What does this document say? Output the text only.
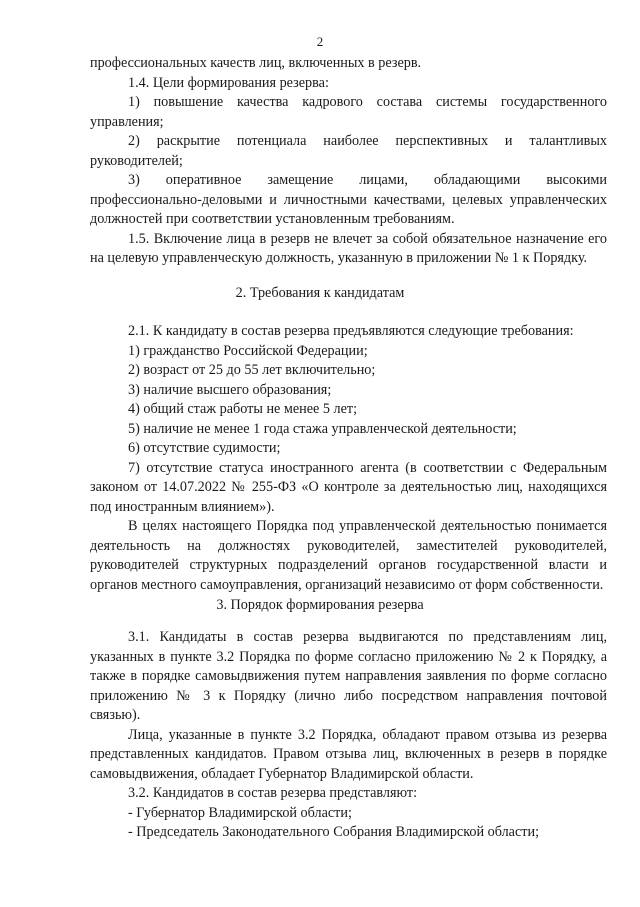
2

профессиональных качеств лиц, включенных в резерв.

1.4. Цели формирования резерва:

1) повышение качества кадрового состава системы государственного управления;

2) раскрытие потенциала наиболее перспективных и талантливых руководителей;

3) оперативное замещение лицами, обладающими высокими профессионально-деловыми и личностными качествами, целевых управленческих должностей при соответствии установленным требованиям.

1.5. Включение лица в резерв не влечет за собой обязательное назначение его на целевую управленческую должность, указанную в приложении № 1 к Порядку.

2. Требования к кандидатам

2.1. К кандидату в состав резерва предъявляются следующие требования:

1) гражданство Российской Федерации;

2) возраст от 25 до 55 лет включительно;

3) наличие высшего образования;

4) общий стаж работы не менее 5 лет;

5) наличие не менее 1 года стажа управленческой деятельности;

6) отсутствие судимости;

7) отсутствие статуса иностранного агента (в соответствии с Федеральным законом от 14.07.2022 № 255-ФЗ «О контроле за деятельностью лиц, находящихся под иностранным влиянием»).

В целях настоящего Порядка под управленческой деятельностью понимается деятельность на должностях руководителей, заместителей руководителей, руководителей структурных подразделений органов государственной власти и органов местного самоуправления, организаций независимо от форм собственности.

3. Порядок формирования резерва

3.1. Кандидаты в состав резерва выдвигаются по представлениям лиц, указанных в пункте 3.2 Порядка по форме согласно приложению № 2 к Порядку, а также в порядке самовыдвижения путем направления заявления по форме согласно приложению № 3 к Порядку (лично либо посредством направления почтовой связью).

Лица, указанные в пункте 3.2 Порядка, обладают правом отзыва из резерва представленных кандидатов. Правом отзыва лиц, включенных в резерв в порядке самовыдвижения, обладает Губернатор Владимирской области.

3.2. Кандидатов в состав резерва представляют:

- Губернатор Владимирской области;

- Председатель Законодательного Собрания Владимирской области;
